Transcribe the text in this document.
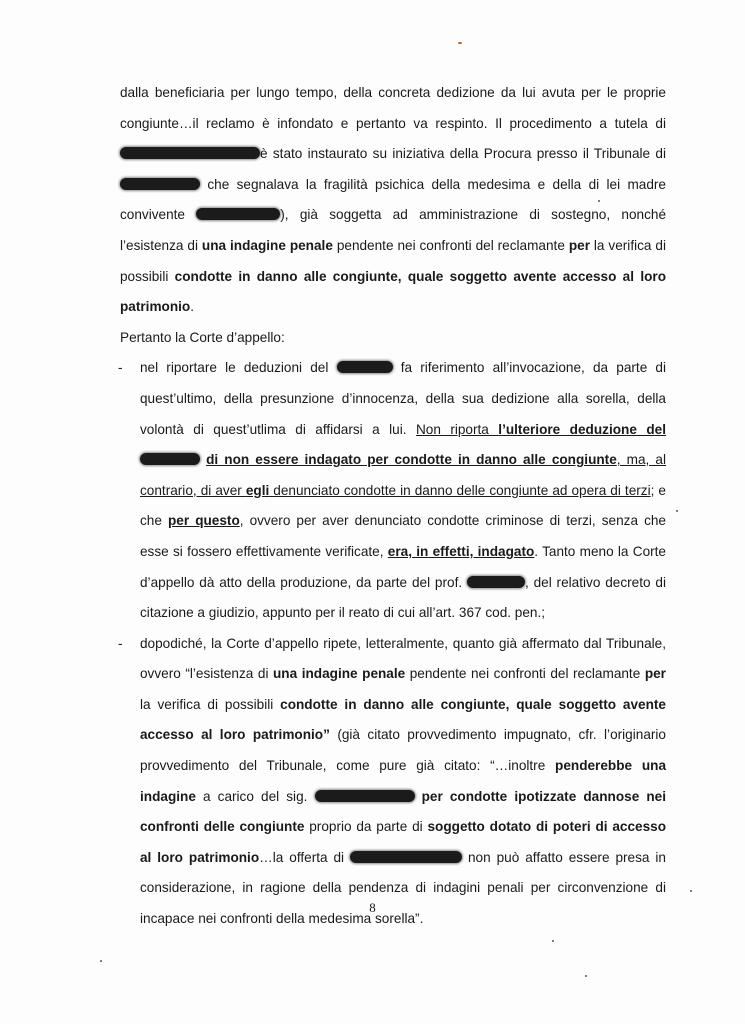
dalla beneficiaria per lungo tempo, della concreta dedizione da lui avuta per le proprie congiunte…il reclamo è infondato e pertanto va respinto. Il procedimento a tutela di è stato instaurato su iniziativa della Procura presso il Tribunale di  che segnalava la fragilità psichica della medesima e della di lei madre convivente	), già soggetta ad amministrazione di sostegno, nonché l’esistenza di una indagine penale pendente nei confronti del reclamante per la verifica di possibili condotte in danno alle congiunte, quale soggetto avente accesso al loro patrimonio.

Pertanto la Corte d’appello:

- nel riportare le deduzioni del	fa riferimento all’invocazione, da parte di quest’ultimo, della presunzione d’innocenza, della sua dedizione alla sorella, della volontà di quest’utlima di affidarsi a lui. Non riporta l’ulteriore deduzione del  di non essere indagato per condotte in danno alle congiunte, ma, al contrario, di aver egli denunciato condotte in danno delle congiunte ad opera di terzi; e che per questo, ovvero per aver denunciato condotte criminose di terzi, senza che esse si fossero effettivamente verificate, era, in effetti, indagato. Tanto meno la Corte d’appello dà atto della produzione, da parte del prof.	, del relativo decreto di citazione a giudizio, appunto per il reato di cui all’art. 367 cod. pen.;
- dopodiché, la Corte d’appello ripete, letteralmente, quanto già affermato dal Tribunale, ovvero “l’esistenza di una indagine penale pendente nei confronti del reclamante per la verifica di possibili condotte in danno alle congiunte, quale soggetto avente accesso al loro patrimonio” (già citato provvedimento impugnato, cfr. l’originario provvedimento del Tribunale, come pure già citato: “…inoltre penderebbe una indagine a carico del sig.	per condotte ipotizzate dannose nei confronti delle congiunte proprio da parte di soggetto dotato di poteri di accesso al loro patrimonio…la offerta di	non può affatto essere presa in considerazione, in ragione della pendenza di indagini penali per circonvenzione di incapace nei confronti della medesima sorella”.
8
